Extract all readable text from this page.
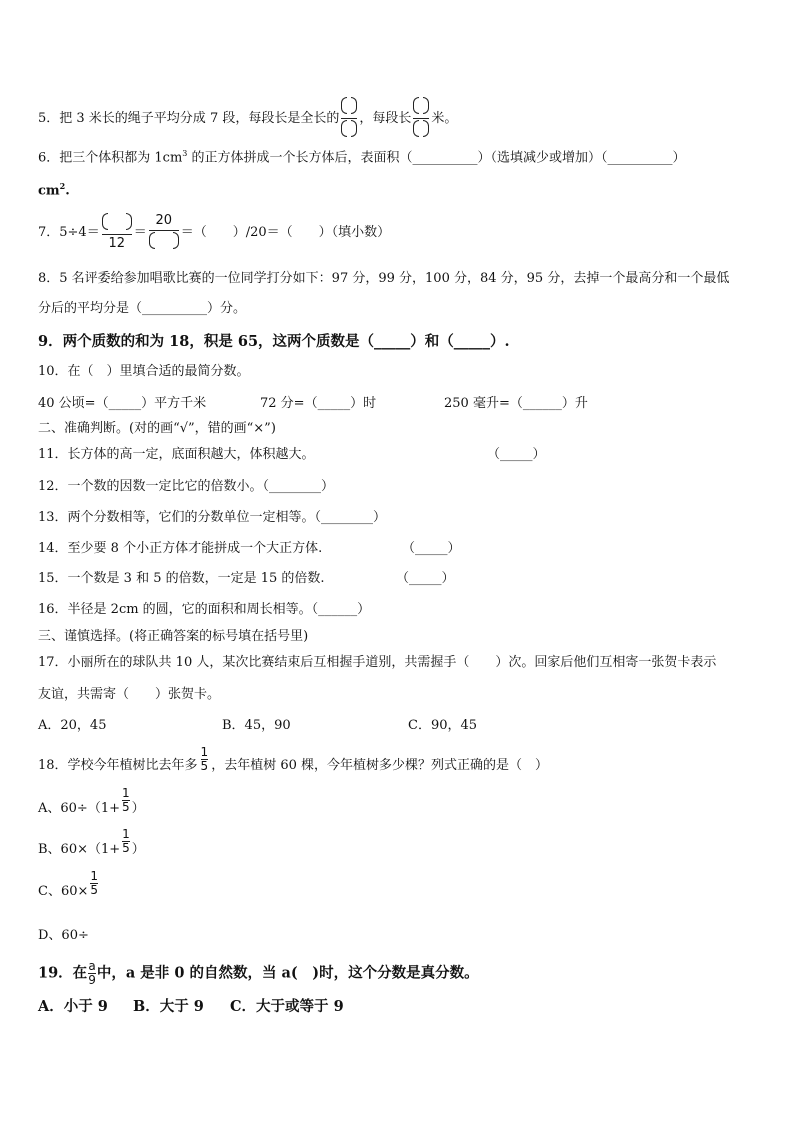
5．把 3 米长的绳子平均分成 7 段，每段长是全长的 ，每段长 米。
6．把三个体积都为 $1cm^3$ 的正方体拼成一个长方体后，表面积（__________）（选填减少或增加）（__________）
$cm^2$.
7．5÷4＝
12
＝
20
＝（　　）/20＝（　　）（填小数）
8．5 名评委给参加唱歌比赛的一位同学打分如下：97 分，99 分，100 分，84 分，95 分，去掉一个最高分和一个最低
分后的平均分是（__________）分。
9．两个质数的和为 18，积是 65，这两个质数是（_____）和（_____）.
10．在（　）里填合适的最简分数。
40 公顷=（_____）平方千米	72 分=（_____）时	250 毫升=（______）升
二、准确判断。(对的画“√”，错的画“×”)
11．长方体的高一定，底面积越大，体积越大。	（_____）
12．一个数的因数一定比它的倍数小。（________）
13．两个分数相等，它们的分数单位一定相等。（________）
14．至少要 8 个小正方体才能拼成一个大正方体.	（_____）
15．一个数是 3 和 5 的倍数，一定是 15 的倍数.	（_____）
16．半径是 2cm 的圆，它的面积和周长相等。（______）
三、谨慎选择。(将正确答案的标号填在括号里)
17．小丽所在的球队共 10 人，某次比赛结束后互相握手道别，共需握手（　　）次。回家后他们互相寄一张贺卡表示
友谊，共需寄（　　）张贺卡。
A．20，45	B．45，90	C．90，45
18．学校今年植树比去年多 $\frac{1}{5}$ ，去年植树 60 棵，今年植树多少棵？列式正确的是（　）
A、$60\div(1+ \frac{1}{5}$ ）
B、$60\times(1+ \frac{1}{5}$ ）
C、$60\times \frac{1}{5}$
D、60÷
19．在 $\frac{a}{9}$ 中，a 是非 0 的自然数，当 a(　)时，这个分数是真分数。
A．小于 9 B．大于 9 C．大于或等于 9
